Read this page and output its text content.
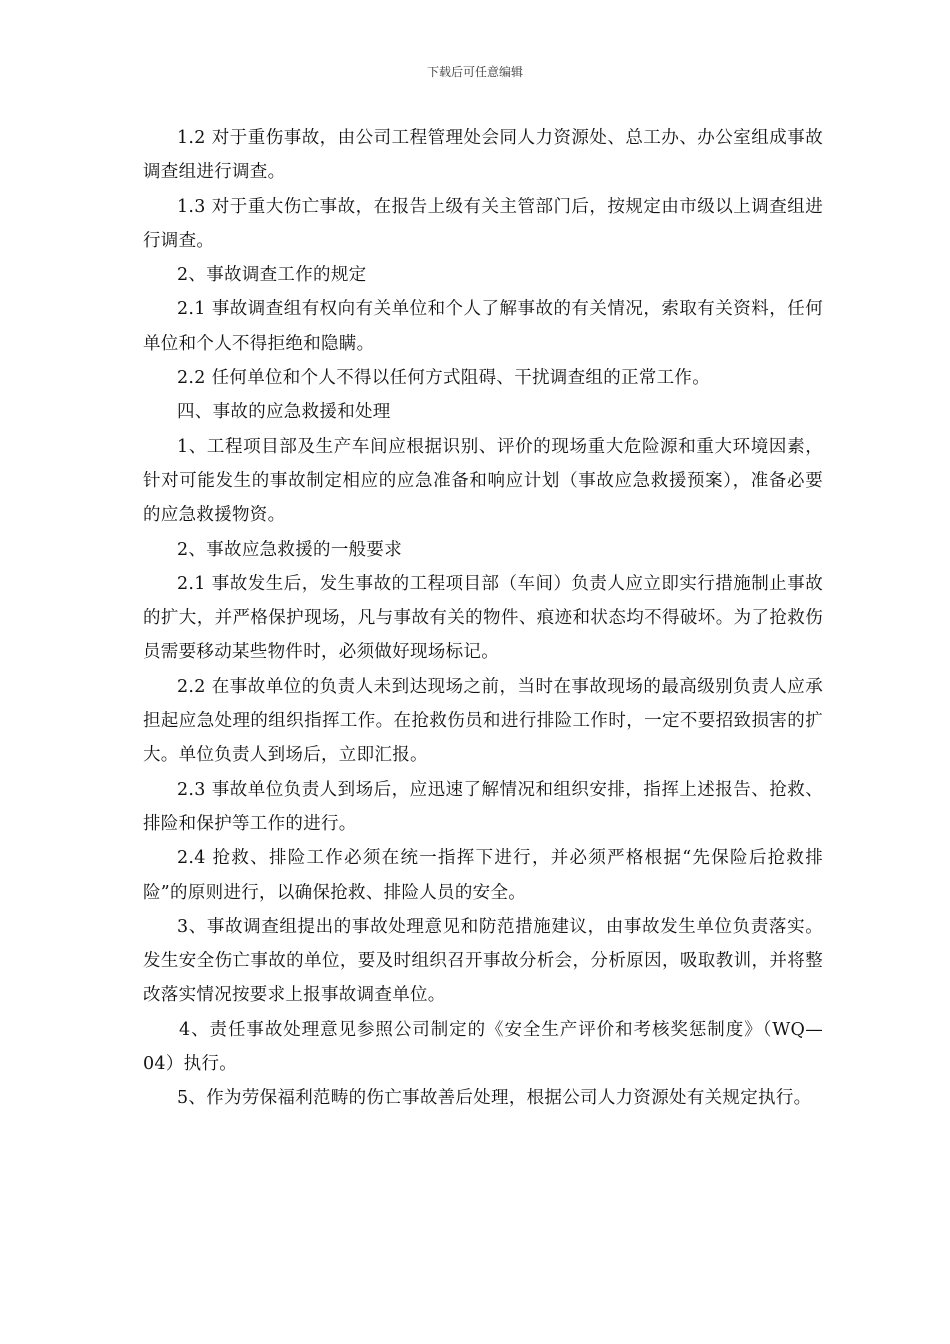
下载后可任意编辑

1.2 对于重伤事故，由公司工程管理处会同人力资源处、总工办、办公室组成事故调查组进行调查。

1.3 对于重大伤亡事故，在报告上级有关主管部门后，按规定由市级以上调查组进行调查。

2、事故调查工作的规定

2.1 事故调查组有权向有关单位和个人了解事故的有关情况，索取有关资料，任何单位和个人不得拒绝和隐瞒。

2.2 任何单位和个人不得以任何方式阻碍、干扰调查组的正常工作。

四、事故的应急救援和处理

1、工程项目部及生产车间应根据识别、评价的现场重大危险源和重大环境因素，针对可能发生的事故制定相应的应急准备和响应计划（事故应急救援预案），准备必要的应急救援物资。

2、事故应急救援的一般要求

2.1 事故发生后，发生事故的工程项目部（车间）负责人应立即实行措施制止事故的扩大，并严格保护现场，凡与事故有关的物件、痕迹和状态均不得破坏。为了抢救伤员需要移动某些物件时，必须做好现场标记。

2.2 在事故单位的负责人未到达现场之前，当时在事故现场的最高级别负责人应承担起应急处理的组织指挥工作。在抢救伤员和进行排险工作时，一定不要招致损害的扩大。单位负责人到场后，立即汇报。

2.3 事故单位负责人到场后，应迅速了解情况和组织安排，指挥上述报告、抢救、排险和保护等工作的进行。

2.4 抢救、排险工作必须在统一指挥下进行，并必须严格根据“先保险后抢救排险”的原则进行，以确保抢救、排险人员的安全。

3、事故调查组提出的事故处理意见和防范措施建议，由事故发生单位负责落实。发生安全伤亡事故的单位，要及时组织召开事故分析会，分析原因，吸取教训，并将整改落实情况按要求上报事故调查单位。

4、责任事故处理意见参照公司制定的《安全生产评价和考核奖惩制度》（WQ—04）执行。

5、作为劳保福利范畴的伤亡事故善后处理，根据公司人力资源处有关规定执行。
